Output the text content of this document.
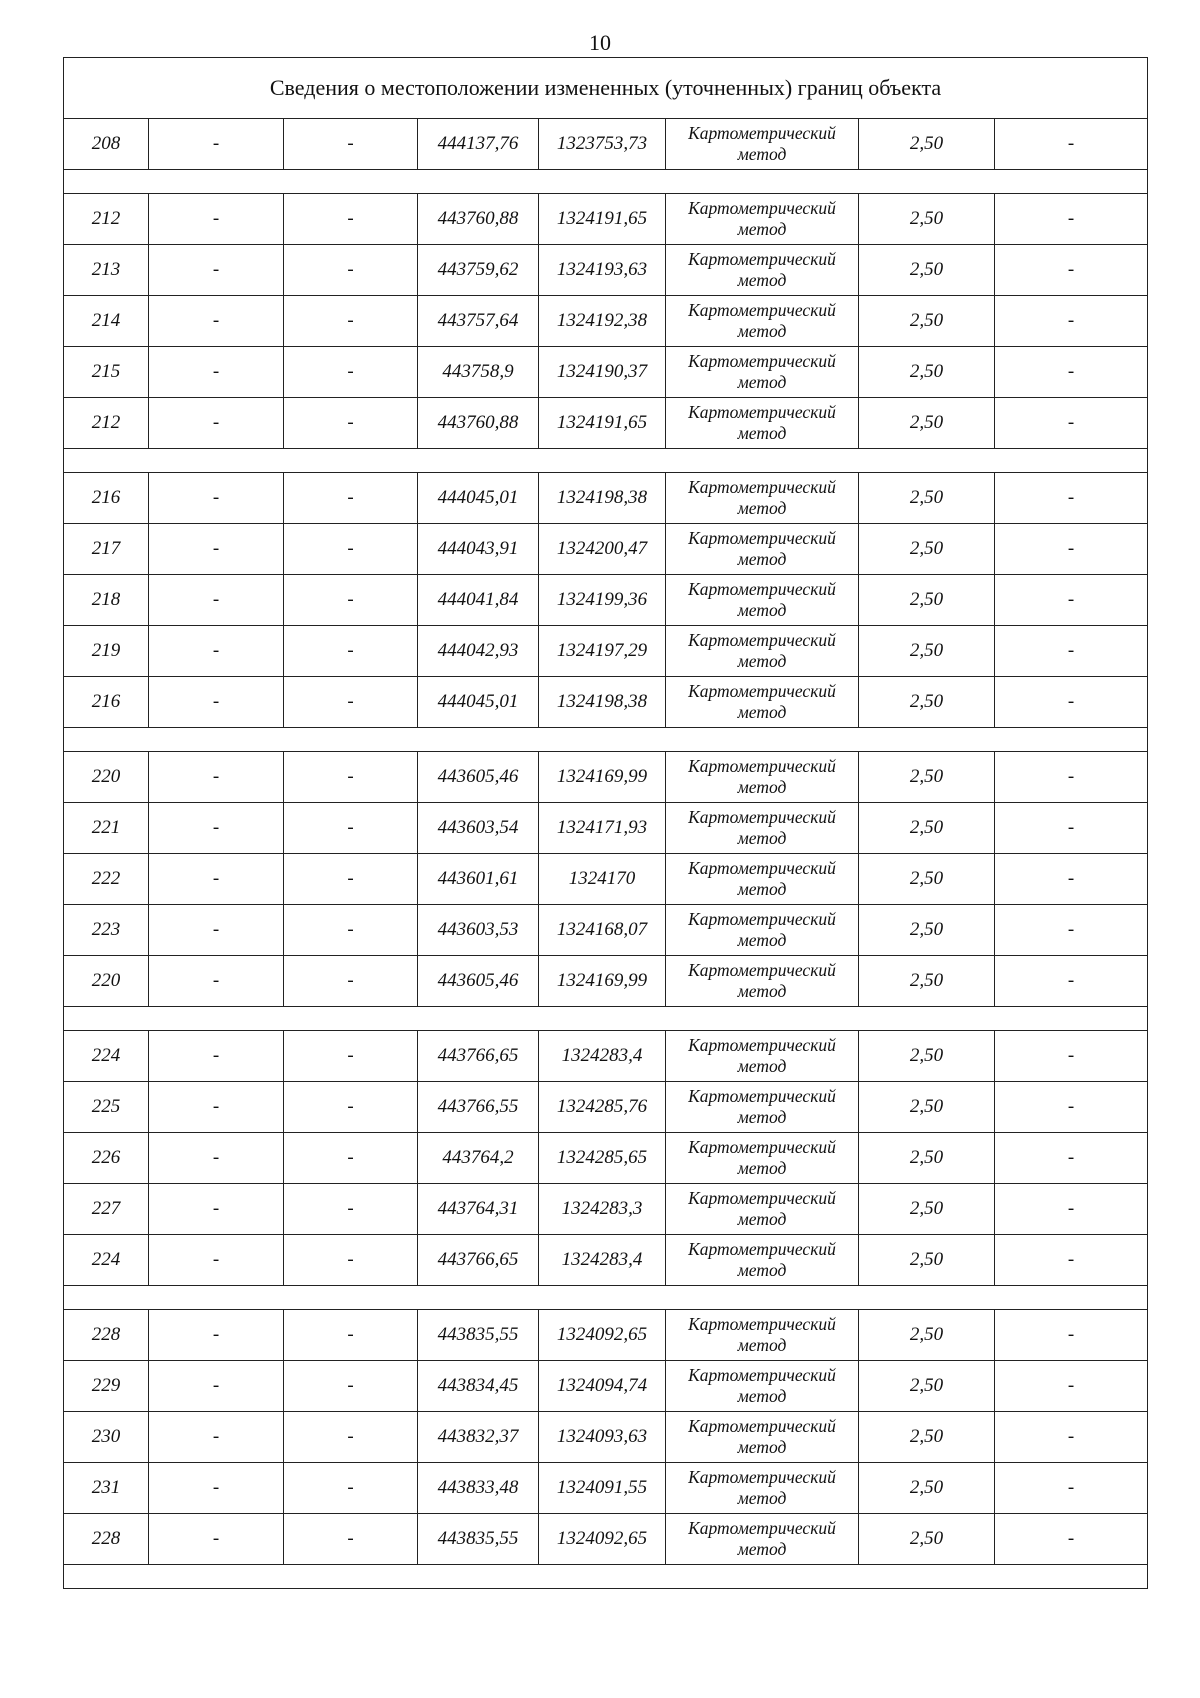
10
Сведения о местоположении измененных (уточненных) границ объекта							
208	-	-	444137,76	1323753,73	Картометрический метод	2,50	-

212	-	-	443760,88	1324191,65	Картометрический метод	2,50	-
213	-	-	443759,62	1324193,63	Картометрический метод	2,50	-
214	-	-	443757,64	1324192,38	Картометрический метод	2,50	-
215	-	-	443758,9	1324190,37	Картометрический метод	2,50	-
212	-	-	443760,88	1324191,65	Картометрический метод	2,50	-

216	-	-	444045,01	1324198,38	Картометрический метод	2,50	-
217	-	-	444043,91	1324200,47	Картометрический метод	2,50	-
218	-	-	444041,84	1324199,36	Картометрический метод	2,50	-
219	-	-	444042,93	1324197,29	Картометрический метод	2,50	-
216	-	-	444045,01	1324198,38	Картометрический метод	2,50	-

220	-	-	443605,46	1324169,99	Картометрический метод	2,50	-
221	-	-	443603,54	1324171,93	Картометрический метод	2,50	-
222	-	-	443601,61	1324170	Картометрический метод	2,50	-
223	-	-	443603,53	1324168,07	Картометрический метод	2,50	-
220	-	-	443605,46	1324169,99	Картометрический метод	2,50	-

224	-	-	443766,65	1324283,4	Картометрический метод	2,50	-
225	-	-	443766,55	1324285,76	Картометрический метод	2,50	-
226	-	-	443764,2	1324285,65	Картометрический метод	2,50	-
227	-	-	443764,31	1324283,3	Картометрический метод	2,50	-
224	-	-	443766,65	1324283,4	Картометрический метод	2,50	-

228	-	-	443835,55	1324092,65	Картометрический метод	2,50	-
229	-	-	443834,45	1324094,74	Картометрический метод	2,50	-
230	-	-	443832,37	1324093,63	Картометрический метод	2,50	-
231	-	-	443833,48	1324091,55	Картометрический метод	2,50	-
228	-	-	443835,55	1324092,65	Картометрический метод	2,50	-
